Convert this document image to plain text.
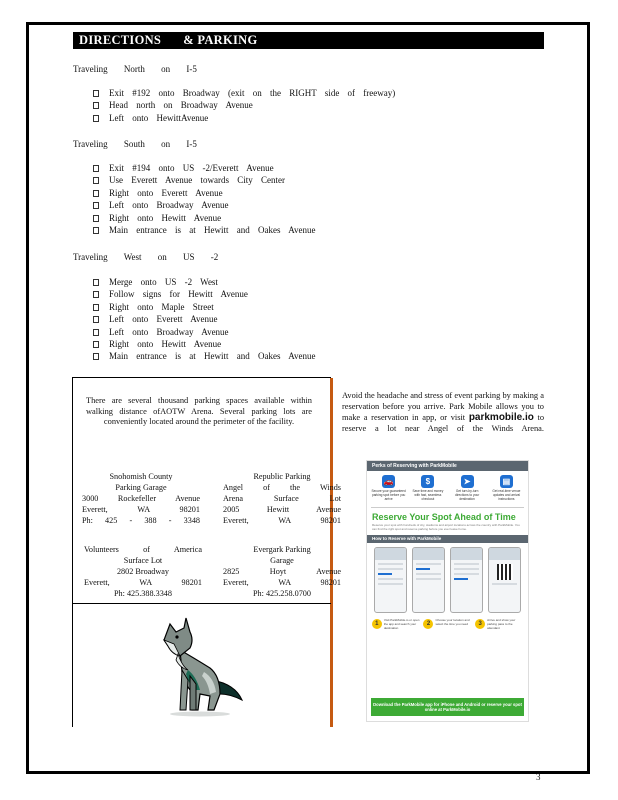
DIRECTIONS & PARKING
Traveling North on I-5
Exit #192 onto Broadway (exit on the RIGHT side of freeway)
Head north on Broadway Avenue
Left onto HewittAvenue
Traveling South on I-5
Exit #194 onto US -2/Everett Avenue
Use Everett Avenue towards City Center
Right onto Everett Avenue
Left onto Broadway Avenue
Right onto Hewitt Avenue
Main entrance is at Hewitt and Oakes Avenue
Traveling West on US -2
Merge onto US -2 West
Follow signs for Hewitt Avenue
Right onto Maple Street
Left onto Everett Avenue
Left onto Broadway Avenue
Right onto Hewitt Avenue
Main entrance is at Hewitt and Oakes Avenue
There are several thousand parking spaces available within walking distance ofAOTW Arena. Several parking lots are conveniently located around the perimeter of the facility.
Snohomish County
Parking Garage
3000 Rockefeller Avenue
Everett, WA 98201
Ph: 425 - 388 - 3348
Republic Parking
Angel of the Winds
Arena Surface Lot
2005 Hewitt Avenue
Everett, WA 98201
Volunteers of America
Surface Lot
2802 Broadway
Everett, WA 98201
Ph: 425.388.3348
Evergark Parking
Garage
2825 Hoyt Avenue
Everett, WA 98201
Ph: 425.258.0700
Avoid the headache and stress of event parking by making a reservation before you arrive. Park Mobile allows you to make a reservation in app, or visit parkmobile.io to reserve a lot near Angel of the Winds Arena.
Perks of Reserving with ParkMobile
🚗
Secure your guaranteed parking spot before you arrive
$
Save time and money with fast, seamless checkout
➤
Get turn-by-turn directions to your destination
▤
Get real-time venue updates and arrival instructions
Reserve Your Spot Ahead of Time
Reserve your spot with hundreds of city, stadiums and airport locations across the country with ParkMobile. You can find the right spot and reserve parking before you ever leave home.
How to Reserve with ParkMobile
1
Visit ParkMobile.io or open the app and search your destination
2
Choose your location and select the time you need	3
Arrive and show your parking pass to the attendant
Download the ParkMobile app for iPhone and Android or reserve your spot online at ParkMobile.io
3
